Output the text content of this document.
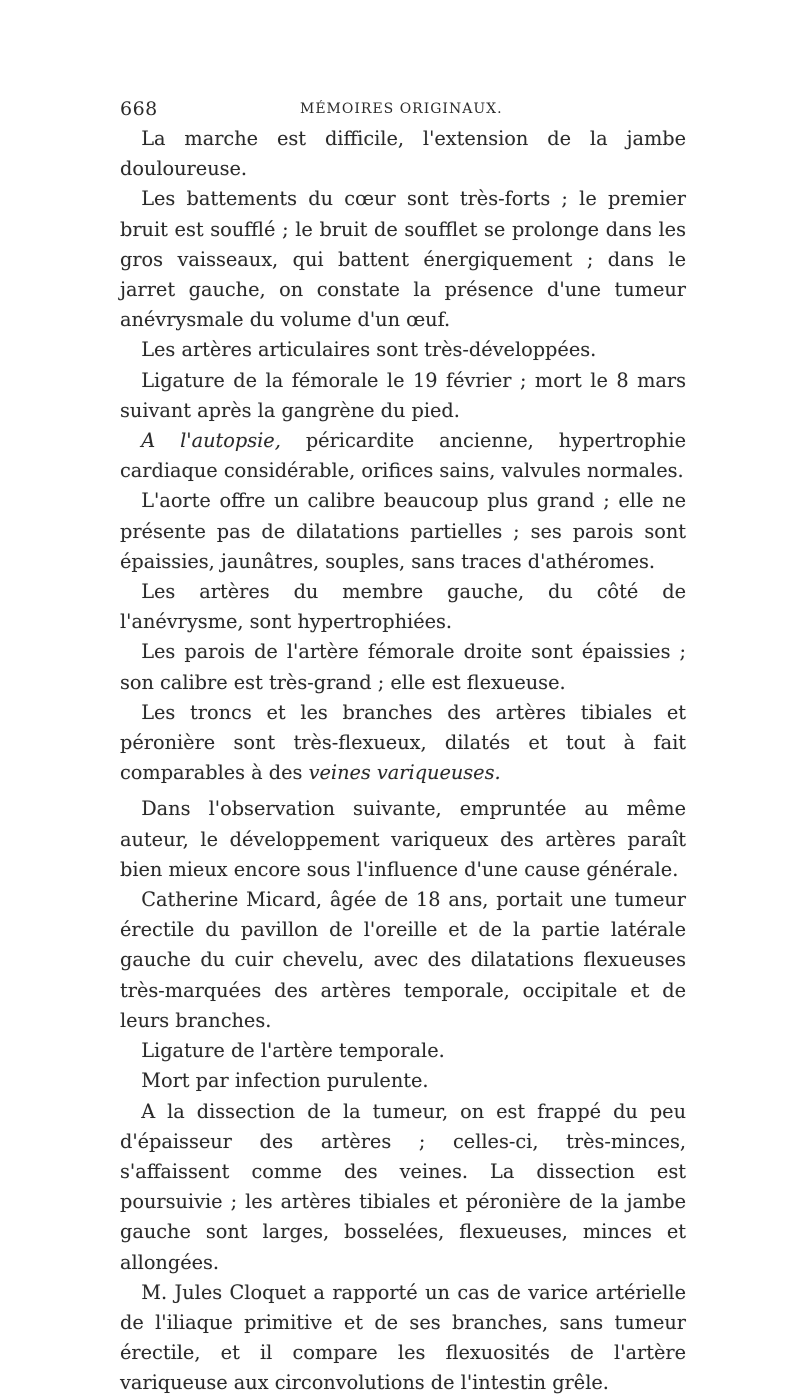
668	MÉMOIRES ORIGINAUX.

La marche est difficile, l'extension de la jambe douloureuse.

Les battements du cœur sont très-forts ; le premier bruit est soufflé ; le bruit de soufflet se prolonge dans les gros vaisseaux, qui battent énergiquement ; dans le jarret gauche, on constate la présence d'une tumeur anévrysmale du volume d'un œuf.

Les artères articulaires sont très-développées.

Ligature de la fémorale le 19 février ; mort le 8 mars suivant après la gangrène du pied.

A l'autopsie, péricardite ancienne, hypertrophie cardiaque considérable, orifices sains, valvules normales.

L'aorte offre un calibre beaucoup plus grand ; elle ne présente pas de dilatations partielles ; ses parois sont épaissies, jaunâtres, souples, sans traces d'athéromes.

Les artères du membre gauche, du côté de l'anévrysme, sont hypertrophiées.

Les parois de l'artère fémorale droite sont épaissies ; son calibre est très-grand ; elle est flexueuse.

Les troncs et les branches des artères tibiales et péronière sont très-flexueux, dilatés et tout à fait comparables à des veines variqueuses.

Dans l'observation suivante, empruntée au même auteur, le développement variqueux des artères paraît bien mieux encore sous l'influence d'une cause générale.

Catherine Micard, âgée de 18 ans, portait une tumeur érectile du pavillon de l'oreille et de la partie latérale gauche du cuir chevelu, avec des dilatations flexueuses très-marquées des artères temporale, occipitale et de leurs branches.

Ligature de l'artère temporale.

Mort par infection purulente.

A la dissection de la tumeur, on est frappé du peu d'épaisseur des artères ; celles-ci, très-minces, s'affaissent comme des veines. La dissection est poursuivie ; les artères tibiales et péronière de la jambe gauche sont larges, bosselées, flexueuses, minces et allongées.

M. Jules Cloquet a rapporté un cas de varice artérielle de l'iliaque primitive et de ses branches, sans tumeur érectile, et il compare les flexuosités de l'artère variqueuse aux circonvolutions de l'intestin grêle.
